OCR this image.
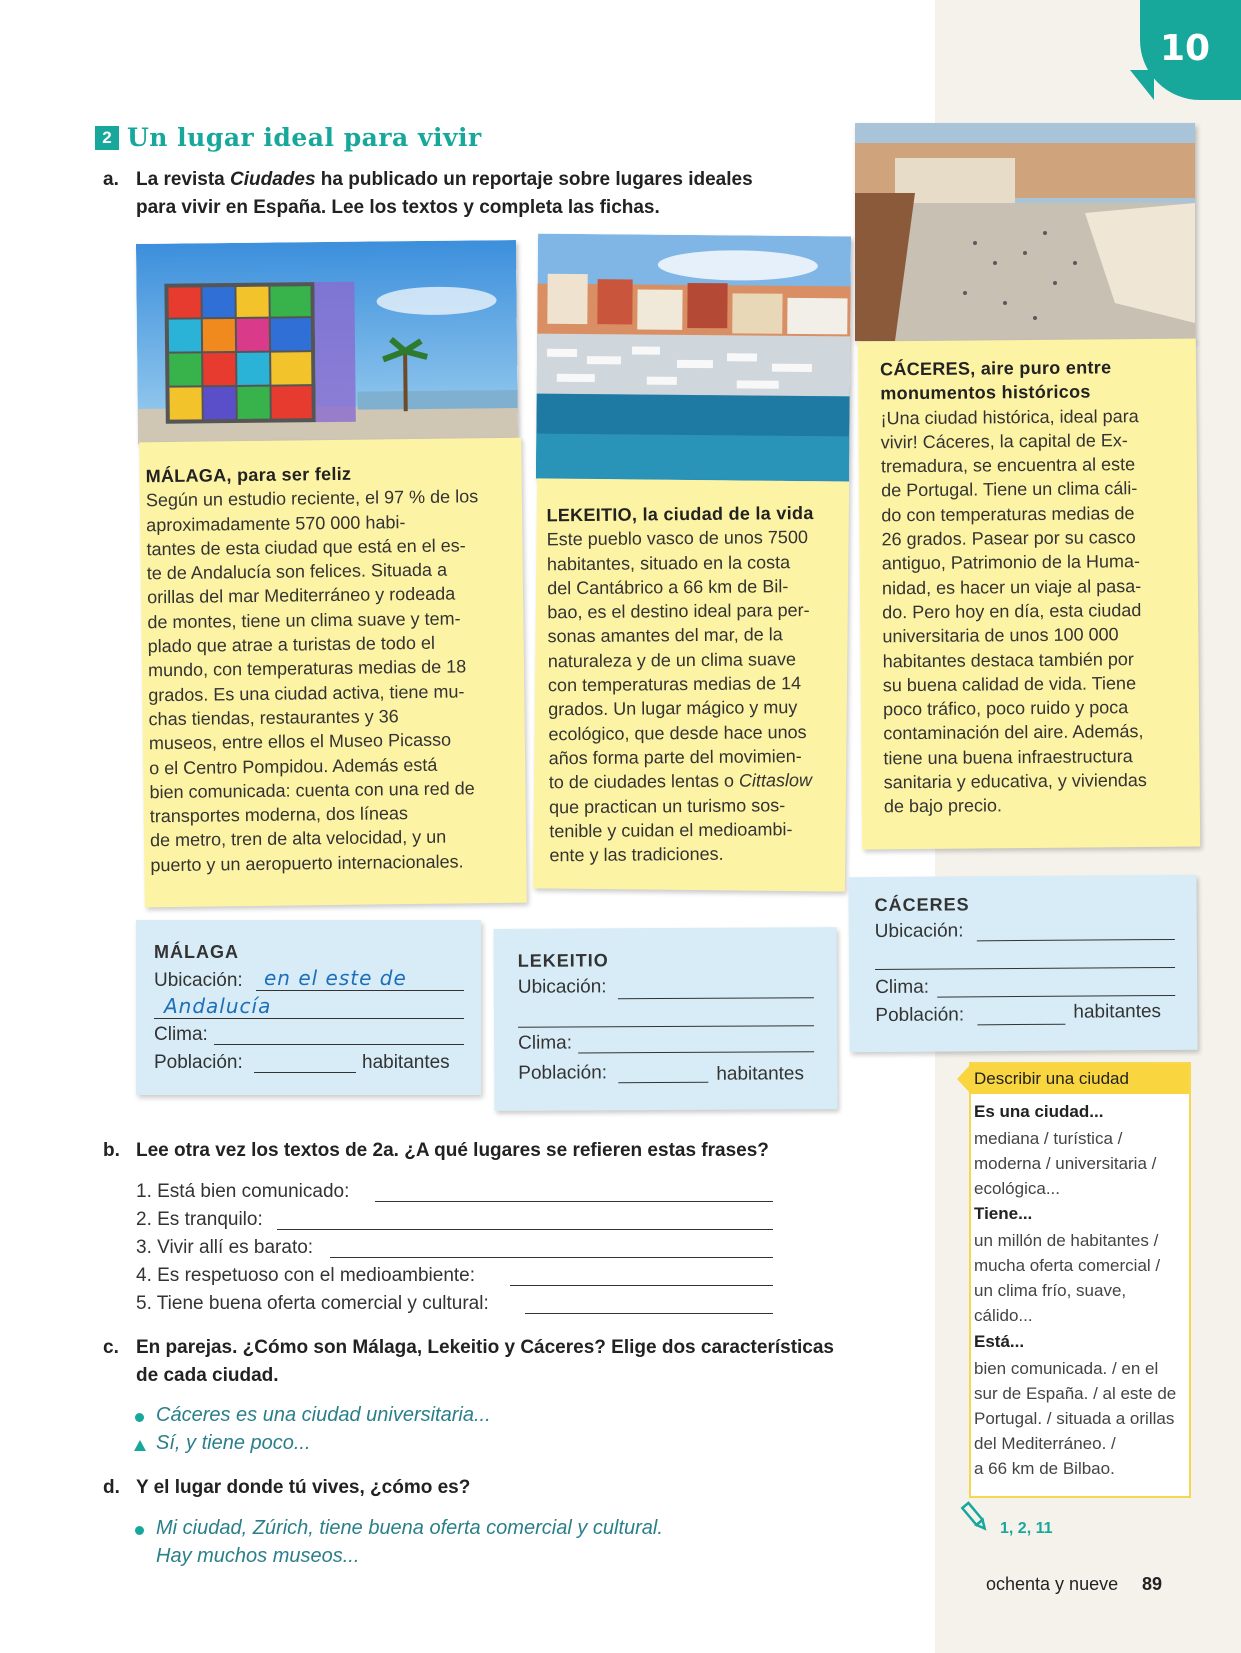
10
2 Un lugar ideal para vivir
a. La revista Ciudades ha publicado un reportaje sobre lugares ideales
para vivir en España. Lee los textos y completa las fichas.
MÁLAGA, para ser feliz
Según un estudio reciente, el 97 % de los
aproximadamente 570 000 habi-
tantes de esta ciudad que está en el es-
te de Andalucía son felices. Situada a
orillas del mar Mediterráneo y rodeada
de montes, tiene un clima suave y tem-
plado que atrae a turistas de todo el
mundo, con temperaturas medias de 18
grados. Es una ciudad activa, tiene mu-
chas tiendas, restaurantes y 36
museos, entre ellos el Museo Picasso
o el Centro Pompidou. Además está
bien comunicada: cuenta con una red de
transportes moderna, dos líneas
de metro, tren de alta velocidad, y un
puerto y un aeropuerto internacionales.
LEKEITIO, la ciudad de la vida
Este pueblo vasco de unos 7500
habitantes, situado en la costa
del Cantábrico a 66 km de Bil-
bao, es el destino ideal para per-
sonas amantes del mar, de la
naturaleza y de un clima suave
con temperaturas medias de 14
grados. Un lugar mágico y muy
ecológico, que desde hace unos
años forma parte del movimien-
to de ciudades lentas o Cittaslow
que practican un turismo sos-
tenible y cuidan el medioambi-
ente y las tradiciones.
CÁCERES, aire puro entre
monumentos históricos
¡Una ciudad histórica, ideal para
vivir! Cáceres, la capital de Ex-
tremadura, se encuentra al este
de Portugal. Tiene un clima cáli-
do con temperaturas medias de
26 grados. Pasear por su casco
antiguo, Patrimonio de la Huma-
nidad, es hacer un viaje al pasa-
do. Pero hoy en día, esta ciudad
universitaria de unos 100 000
habitantes destaca también por
su buena calidad de vida. Tiene
poco tráfico, poco ruido y poca
contaminación del aire. Además,
tiene una buena infraestructura
sanitaria y educativa, y viviendas
de bajo precio.
MÁLAGA
Ubicación: en el este de
Andalucía
Clima:
Población:	habitantes
LEKEITIO
Ubicación:
Clima:
Población:	habitantes
CÁCERES
Ubicación:
Clima:
Población:	habitantes
b. Lee otra vez los textos de 2a. ¿A qué lugares se refieren estas frases?
1. Está bien comunicado:
2. Es tranquilo:
3. Vivir allí es barato:
4. Es respetuoso con el medioambiente:
5. Tiene buena oferta comercial y cultural:
c. En parejas. ¿Cómo son Málaga, Lekeitio y Cáceres? Elige dos características
de cada ciudad.
Cáceres es una ciudad universitaria...
Sí, y tiene poco...
d. Y el lugar donde tú vives, ¿cómo es?
Mi ciudad, Zúrich, tiene buena oferta comercial y cultural.
Hay muchos museos...
Describir una ciudad
Es una ciudad...
mediana / turística /
moderna / universitaria /
ecológica...
Tiene...
un millón de habitantes /
mucha oferta comercial /
un clima frío, suave,
cálido...
Está...
bien comunicada. / en el
sur de España. / al este de
Portugal. / situada a orillas
del Mediterráneo. /
a 66 km de Bilbao.
1, 2, 11
ochenta y nueve 89
